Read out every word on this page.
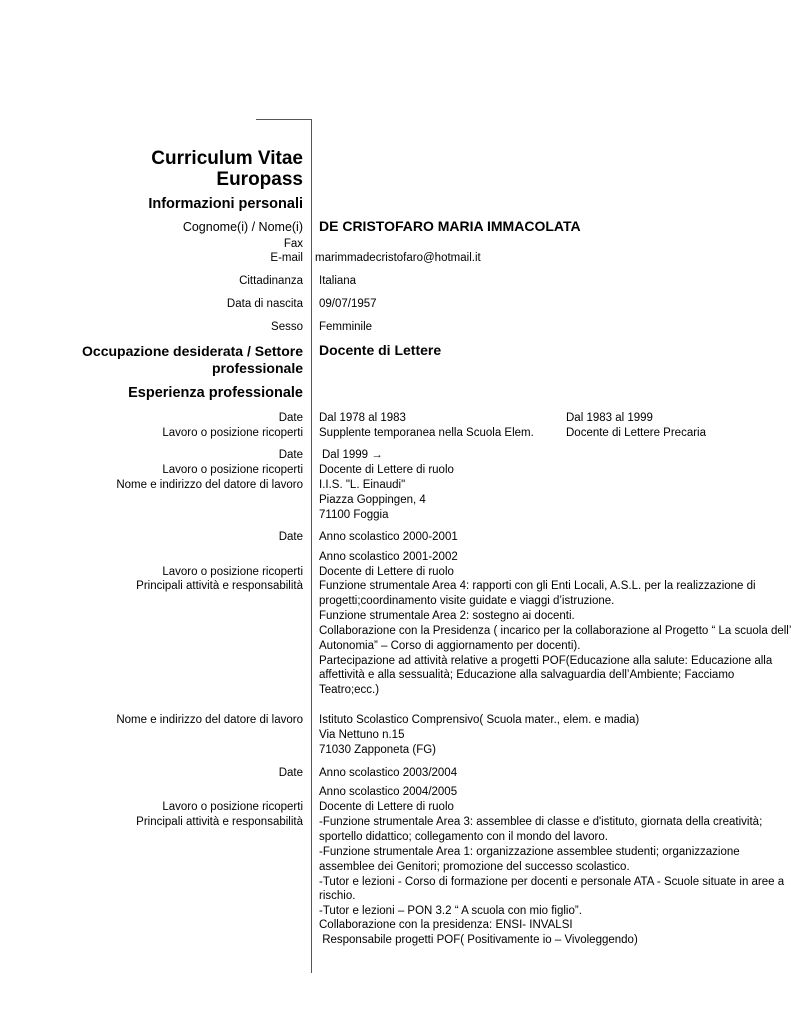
Curriculum Vitae
Europass
Informazioni personali
Cognome(i) / Nome(i) DE CRISTOFARO MARIA IMMACOLATA
Fax
E-mail marimmadecristofaro@hotmail.it
Cittadinanza Italiana
Data di nascita 09/07/1957
Sesso Femminile
Occupazione desiderata / Settore
professionale
Docente di Lettere
Esperienza professionale
Date
Lavoro o posizione ricoperti
Dal 1978 al 1983
Supplente temporanea nella Scuola Elem.
Dal 1983 al 1999
Docente di Lettere Precaria
Date
Lavoro o posizione ricoperti
Nome e indirizzo del datore di lavoro
Dal 1999 →
Docente di Lettere di ruolo
I.I.S. "L. Einaudi"
Piazza Goppingen, 4
71100 Foggia
Date Anno scolastico 2000-2001
Lavoro o posizione ricoperti
Principali attività e responsabilità
Anno scolastico 2001-2002
Docente di Lettere di ruolo
Funzione strumentale Area 4: rapporti con gli Enti Locali, A.S.L. per la realizzazione di
progetti;coordinamento visite guidate e viaggi d’istruzione.
Funzione strumentale Area 2: sostegno ai docenti.
Collaborazione con la Presidenza ( incarico per la collaborazione al Progetto “ La scuola dell’
Autonomia” – Corso di aggiornamento per docenti).
Partecipazione ad attività relative a progetti POF(Educazione alla salute: Educazione alla
affettività e alla sessualità; Educazione alla salvaguardia dell’Ambiente; Facciamo
Teatro;ecc.)
Nome e indirizzo del datore di lavoro Istituto Scolastico Comprensivo( Scuola mater., elem. e madia)
Via Nettuno n.15
71030 Zapponeta (FG)
Date Anno scolastico 2003/2004
Lavoro o posizione ricoperti
Principali attività e responsabilità
Anno scolastico 2004/2005
Docente di Lettere di ruolo
-Funzione strumentale Area 3: assemblee di classe e d'istituto, giornata della creatività;
sportello didattico; collegamento con il mondo del lavoro.
-Funzione strumentale Area 1: organizzazione assemblee studenti; organizzazione
assemblee dei Genitori; promozione del successo scolastico.
-Tutor e lezioni - Corso di formazione per docenti e personale ATA - Scuole situate in aree a
rischio.
-Tutor e lezioni – PON 3.2 “ A scuola con mio figlio”.
Collaborazione con la presidenza: ENSI- INVALSI
Responsabile progetti POF( Positivamente io – Vivoleggendo)
